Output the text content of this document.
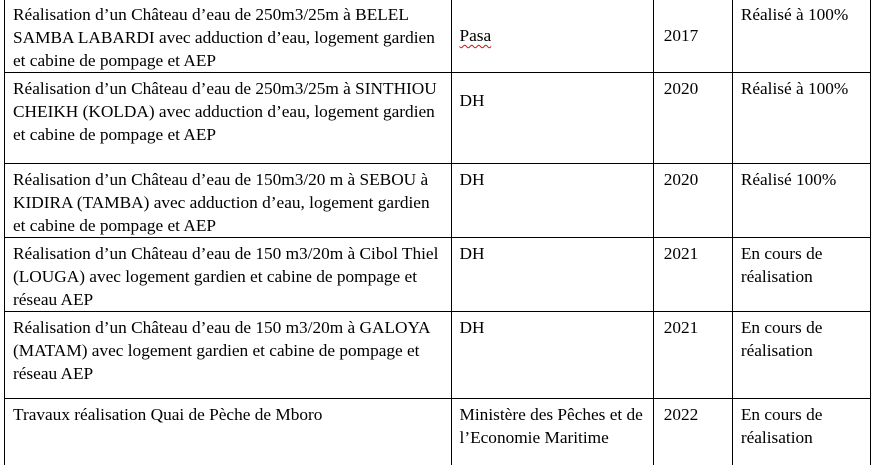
Réalisation d’un Château d’eau de 250m3/25m à BELEL SAMBA LABARDI avec adduction d’eau, logement gardien et cabine de pompage et AEP	Pasa	2017	Réalisé à 100%
Réalisation d’un Château d’eau de 250m3/25m à SINTHIOU CHEIKH (KOLDA) avec adduction d’eau, logement gardien et cabine de pompage et AEP	DH	2020	Réalisé à 100%
Réalisation d’un Château d’eau de 150m3/20 m à SEBOU à KIDIRA (TAMBA) avec adduction d’eau, logement gardien et cabine de pompage et AEP	DH	2020	Réalisé 100%
Réalisation d’un Château d’eau de 150 m3/20m à Cibol Thiel (LOUGA) avec logement gardien et cabine de pompage et réseau AEP	DH	2021	En cours de réalisation
Réalisation d’un Château d’eau de 150 m3/20m à GALOYA (MATAM) avec logement gardien et cabine de pompage et réseau AEP	DH	2021	En cours de réalisation
Travaux réalisation Quai de Pèche de Mboro	Ministère des Pêches et de l’Economie Maritime	2022	En cours de réalisation
